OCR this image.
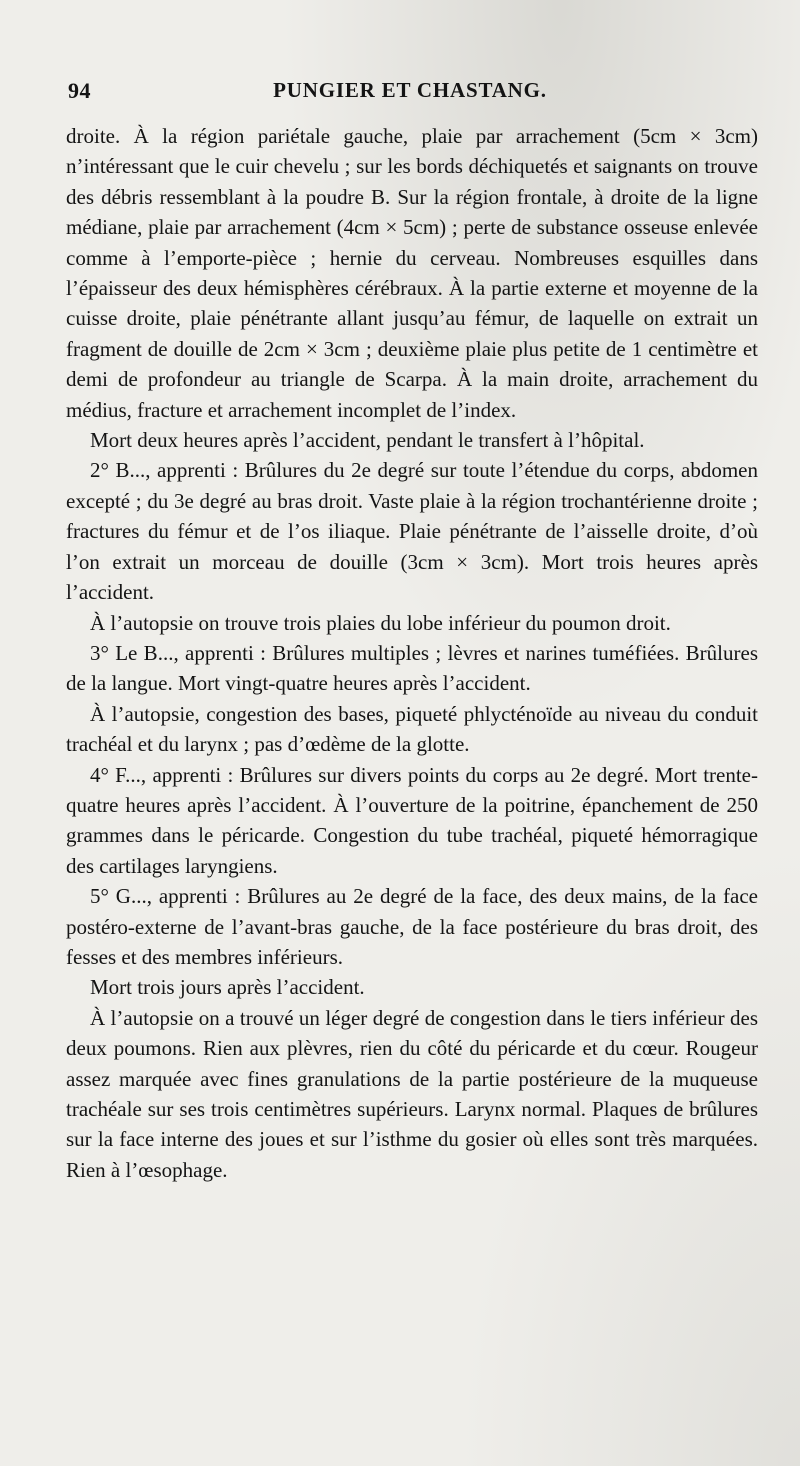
94	PUNGIER ET CHASTANG.

droite. À la région pariétale gauche, plaie par arrachement (5cm × 3cm) n’intéressant que le cuir chevelu ; sur les bords déchiquetés et saignants on trouve des débris ressemblant à la poudre B. Sur la région frontale, à droite de la ligne médiane, plaie par arrachement (4cm × 5cm) ; perte de substance osseuse enlevée comme à l’emporte-pièce ; hernie du cerveau. Nombreuses esquilles dans l’épaisseur des deux hémisphères cérébraux. À la partie externe et moyenne de la cuisse droite, plaie pénétrante allant jusqu’au fémur, de laquelle on extrait un fragment de douille de 2cm × 3cm ; deuxième plaie plus petite de 1 centimètre et demi de profondeur au triangle de Scarpa. À la main droite, arrachement du médius, fracture et arrachement incomplet de l’index.

Mort deux heures après l’accident, pendant le transfert à l’hôpital.

2° B..., apprenti : Brûlures du 2e degré sur toute l’étendue du corps, abdomen excepté ; du 3e degré au bras droit. Vaste plaie à la région trochantérienne droite ; fractures du fémur et de l’os iliaque. Plaie pénétrante de l’aisselle droite, d’où l’on extrait un morceau de douille (3cm × 3cm). Mort trois heures après l’accident.

À l’autopsie on trouve trois plaies du lobe inférieur du poumon droit.

3° Le B..., apprenti : Brûlures multiples ; lèvres et narines tuméfiées. Brûlures de la langue. Mort vingt-quatre heures après l’accident.

À l’autopsie, congestion des bases, piqueté phlycténoïde au niveau du conduit trachéal et du larynx ; pas d’œdème de la glotte.

4° F..., apprenti : Brûlures sur divers points du corps au 2e degré. Mort trente-quatre heures après l’accident. À l’ouverture de la poitrine, épanchement de 250 grammes dans le péricarde. Congestion du tube trachéal, piqueté hémorragique des cartilages laryngiens.

5° G..., apprenti : Brûlures au 2e degré de la face, des deux mains, de la face postéro-externe de l’avant-bras gauche, de la face postérieure du bras droit, des fesses et des membres inférieurs.

Mort trois jours après l’accident.

À l’autopsie on a trouvé un léger degré de congestion dans le tiers inférieur des deux poumons. Rien aux plèvres, rien du côté du péricarde et du cœur. Rougeur assez marquée avec fines granulations de la partie postérieure de la muqueuse trachéale sur ses trois centimètres supérieurs. Larynx normal. Plaques de brûlures sur la face interne des joues et sur l’isthme du gosier où elles sont très marquées. Rien à l’œsophage.
